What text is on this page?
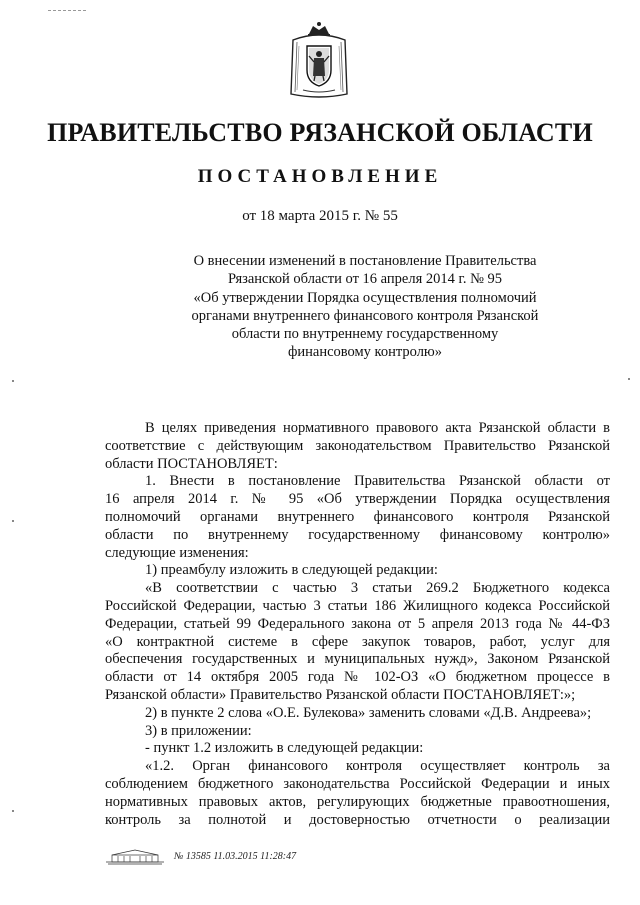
ПРАВИТЕЛЬСТВО РЯЗАНСКОЙ ОБЛАСТИ
ПОСТАНОВЛЕНИЕ
от 18 марта 2015 г. № 55
О внесении изменений в постановление Правительства
Рязанской области от 16 апреля 2014 г. № 95
«Об утверждении Порядка осуществления полномочий
органами внутреннего финансового контроля Рязанской
области по внутреннему государственному
финансовому контролю»
В целях приведения нормативного правового акта Рязанской области в
соответствие с действующим законодательством Правительство Рязанской
области ПОСТАНОВЛЯЕТ:
1. Внести в постановление Правительства Рязанской области от
16 апреля 2014 г. № 95 «Об утверждении Порядка осуществления
полномочий органами внутреннего финансового контроля Рязанской
области по внутреннему государственному финансовому контролю»
следующие изменения:
1) преамбулу изложить в следующей редакции:
«В соответствии с частью 3 статьи 269.2 Бюджетного кодекса
Российской Федерации, частью 3 статьи 186 Жилищного кодекса Российской
Федерации, статьей 99 Федерального закона от 5 апреля 2013 года № 44-ФЗ
«О контрактной системе в сфере закупок товаров, работ, услуг для
обеспечения государственных и муниципальных нужд», Законом Рязанской
области от 14 октября 2005 года № 102-ОЗ «О бюджетном процессе в
Рязанской области» Правительство Рязанской области ПОСТАНОВЛЯЕТ:»;
2) в пункте 2 слова «О.Е. Булекова» заменить словами «Д.В. Андреева»;
3) в приложении:
- пункт 1.2 изложить в следующей редакции:
«1.2. Орган финансового контроля осуществляет контроль за
соблюдением бюджетного законодательства Российской Федерации и иных
нормативных правовых актов, регулирующих бюджетные правоотношения,
контроль за полнотой и достоверностью отчетности о реализации
№ 13585 11.03.2015 11:28:47
